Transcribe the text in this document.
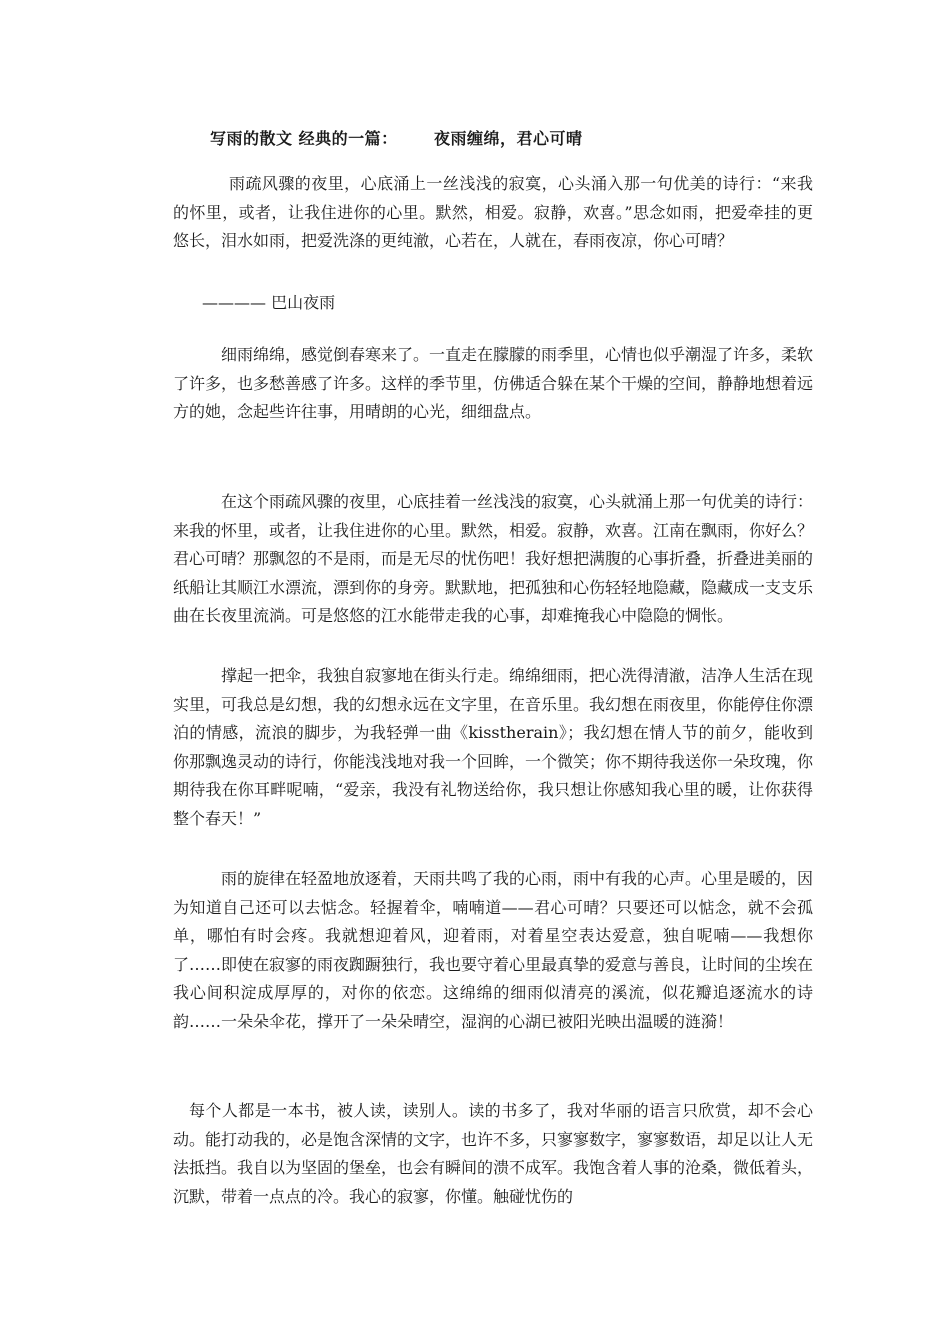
写雨的散文 经典的一篇：      夜雨缠绵，君心可晴

雨疏风骤的夜里，心底涌上一丝浅浅的寂寞，心头涌入那一句优美的诗行：“来我的怀里，或者，让我住进你的心里。默然，相爱。寂静，欢喜。”思念如雨，把爱牵挂的更悠长，泪水如雨，把爱洗涤的更纯澈，心若在，人就在，春雨夜凉，你心可晴？

———— 巴山夜雨

细雨绵绵，感觉倒春寒来了。一直走在朦朦的雨季里，心情也似乎潮湿了许多，柔软了许多，也多愁善感了许多。这样的季节里，仿佛适合躲在某个干燥的空间，静静地想着远方的她，念起些许往事，用晴朗的心光，细细盘点。

在这个雨疏风骤的夜里，心底挂着一丝浅浅的寂寞，心头就涌上那一句优美的诗行：来我的怀里，或者，让我住进你的心里。默然，相爱。寂静，欢喜。江南在飘雨，你好么？君心可晴？那飘忽的不是雨，而是无尽的忧伤吧！我好想把满腹的心事折叠，折叠进美丽的纸船让其顺江水漂流，漂到你的身旁。默默地，把孤独和心伤轻轻地隐藏，隐藏成一支支乐曲在长夜里流淌。可是悠悠的江水能带走我的心事，却难掩我心中隐隐的惆怅。

撑起一把伞，我独自寂寥地在街头行走。绵绵细雨，把心洗得清澈，洁净人生活在现实里，可我总是幻想，我的幻想永远在文字里，在音乐里。我幻想在雨夜里，你能停住你漂泊的情感，流浪的脚步，为我轻弹一曲《kisstherain》；我幻想在情人节的前夕，能收到你那飘逸灵动的诗行，你能浅浅地对我一个回眸，一个微笑；你不期待我送你一朵玫瑰，你期待我在你耳畔呢喃，“爱亲，我没有礼物送给你，我只想让你感知我心里的暖，让你获得整个春天！”

雨的旋律在轻盈地放逐着，天雨共鸣了我的心雨，雨中有我的心声。心里是暖的，因为知道自己还可以去惦念。轻握着伞，喃喃道——君心可晴？只要还可以惦念，就不会孤单，哪怕有时会疼。我就想迎着风，迎着雨，对着星空表达爱意，独自呢喃——我想你了……即使在寂寥的雨夜踟蹰独行，我也要守着心里最真挚的爱意与善良，让时间的尘埃在我心间积淀成厚厚的，对你的依恋。这绵绵的细雨似清亮的溪流，似花瓣追逐流水的诗韵……一朵朵伞花，撑开了一朵朵晴空，湿润的心湖已被阳光映出温暖的涟漪！

每个人都是一本书，被人读，读别人。读的书多了，我对华丽的语言只欣赏，却不会心动。能打动我的，必是饱含深情的文字，也许不多，只寥寥数字，寥寥数语，却足以让人无法抵挡。我自以为坚固的堡垒，也会有瞬间的溃不成军。我饱含着人事的沧桑，微低着头，沉默，带着一点点的冷。我心的寂寥，你懂。触碰忧伤的
